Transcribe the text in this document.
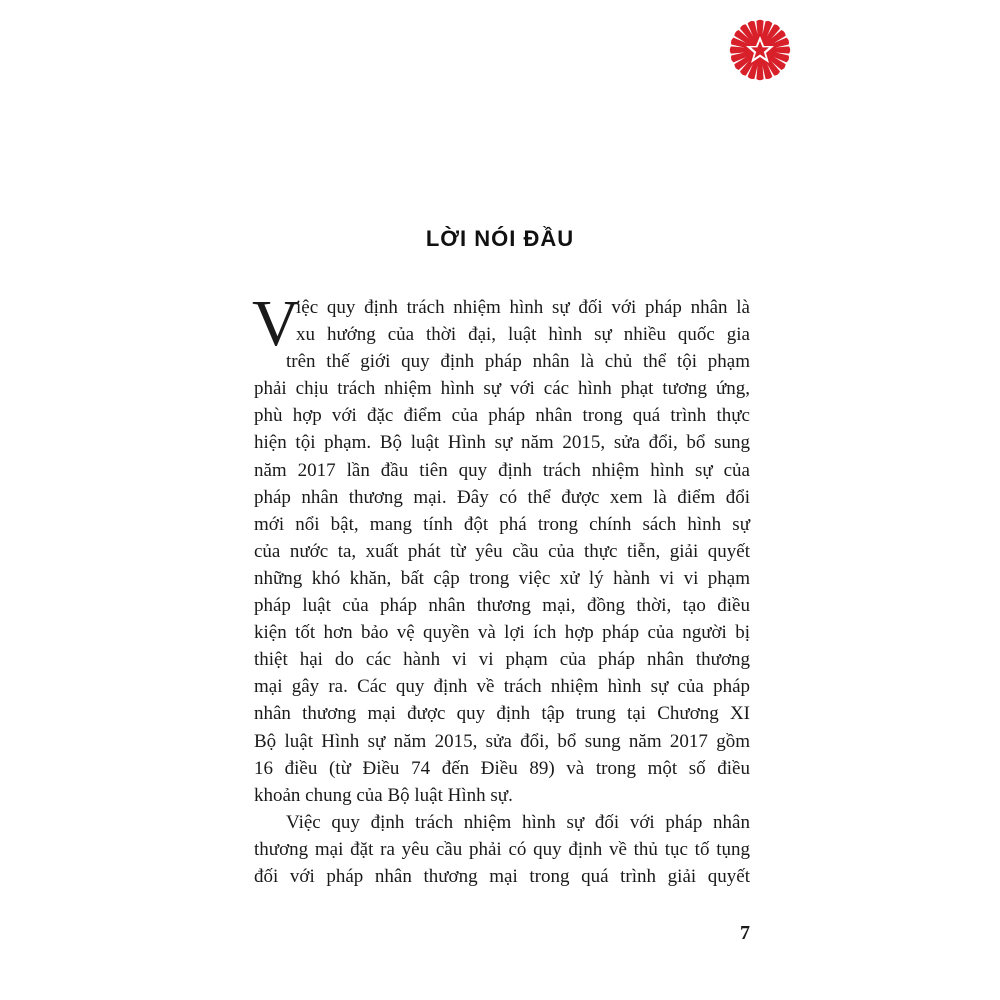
LỜI NÓI ĐẦU
V
iệc quy định trách nhiệm hình sự đối với pháp nhân là
xu hướng của thời đại, luật hình sự nhiều quốc gia
trên thế giới quy định pháp nhân là chủ thể tội phạm
phải chịu trách nhiệm hình sự với các hình phạt tương ứng,
phù hợp với đặc điểm của pháp nhân trong quá trình thực
hiện tội phạm. Bộ luật Hình sự năm 2015, sửa đổi, bổ sung
năm 2017 lần đầu tiên quy định trách nhiệm hình sự của
pháp nhân thương mại. Đây có thể được xem là điểm đổi
mới nổi bật, mang tính đột phá trong chính sách hình sự
của nước ta, xuất phát từ yêu cầu của thực tiễn, giải quyết
những khó khăn, bất cập trong việc xử lý hành vi vi phạm
pháp luật của pháp nhân thương mại, đồng thời, tạo điều
kiện tốt hơn bảo vệ quyền và lợi ích hợp pháp của người bị
thiệt hại do các hành vi vi phạm của pháp nhân thương
mại gây ra. Các quy định về trách nhiệm hình sự của pháp
nhân thương mại được quy định tập trung tại Chương XI
Bộ luật Hình sự năm 2015, sửa đổi, bổ sung năm 2017 gồm
16 điều (từ Điều 74 đến Điều 89) và trong một số điều
khoản chung của Bộ luật Hình sự.
Việc quy định trách nhiệm hình sự đối với pháp nhân
thương mại đặt ra yêu cầu phải có quy định về thủ tục tố tụng
đối với pháp nhân thương mại trong quá trình giải quyết
7
